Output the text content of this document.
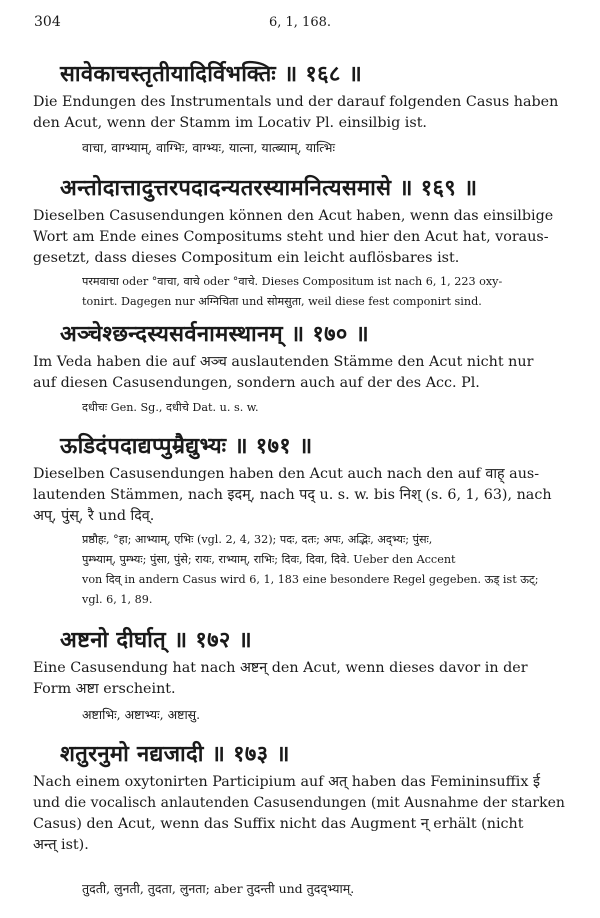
304	6, 1, 168.
सावेकाचस्तृतीयादिर्विभक्तिः ॥ १६८ ॥
Die Endungen des Instrumentals und der darauf folgenden Casus haben
den Acut, wenn der Stamm im Locativ Pl. einsilbig ist.
वाचा, वाग्भ्याम्, वाग्भिः, वाग्भ्यः, यात्ना, यात्ब्याम्, यात्भिः
अन्तोदात्तादुत्तरपदादन्यतरस्यामनित्यसमासे ॥ १६९ ॥
Dieselben Casusendungen können den Acut haben, wenn das einsilbige
Wort am Ende eines Compositums steht und hier den Acut hat, voraus-
gesetzt, dass dieses Compositum ein leicht auflösbares ist.
परमवाचा oder °वाचा, वाचे oder °वाचे. Dieses Compositum ist nach 6, 1, 223 oxy-
tonirt. Dagegen nur अग्निचिता und सोमसुता, weil diese fest componirt sind.
अञ्चेश्छन्दस्यसर्वनामस्थानम् ॥ १७० ॥
Im Veda haben die auf अञ्च auslautenden Stämme den Acut nicht nur
auf diesen Casusendungen, sondern auch auf der des Acc. Pl.
दधीचः Gen. Sg., दधीचे Dat. u. s. w.
ऊडिदंपदाद्यप्पुम्रैद्युभ्यः ॥ १७१ ॥
Dieselben Casusendungen haben den Acut auch nach den auf वाह् aus-
lautenden Stämmen, nach इदम्, nach पद् u. s. w. bis निश् (s. 6, 1, 63), nach
अप्, पुंस्, रै und दिव्.
प्रष्ठौहः, °हा; आभ्याम्, एभिः (vgl. 2, 4, 32); पदः, दतः; अपः, अद्भिः, अद्भ्यः; पुंसः,
पुम्भ्याम्, पुम्भ्यः; पुंसा, पुंसे; रायः, राभ्याम्, राभिः; दिवः, दिवा, दिवे. Ueber den Accent
von दिव् in andern Casus wird 6, 1, 183 eine besondere Regel gegeben. ऊड् ist ऊट्;
vgl. 6, 1, 89.
अष्टनो दीर्घात् ॥ १७२ ॥
Eine Casusendung hat nach अष्टन् den Acut, wenn dieses davor in der
Form अष्टा erscheint.
अष्टाभिः, अष्टाभ्यः, अष्टासु.
शतुरनुमो नद्यजादी ॥ १७३ ॥
Nach einem oxytonirten Participium auf अत् haben das Femininsuffix ई
und die vocalisch anlautenden Casusendungen (mit Ausnahme der starken
Casus) den Acut, wenn das Suffix nicht das Augment न् erhält (nicht
अन्त् ist).
तुदती, लुनती, तुदता, लुनता; aber तुदन्ती und तुदद्भ्याम्.
